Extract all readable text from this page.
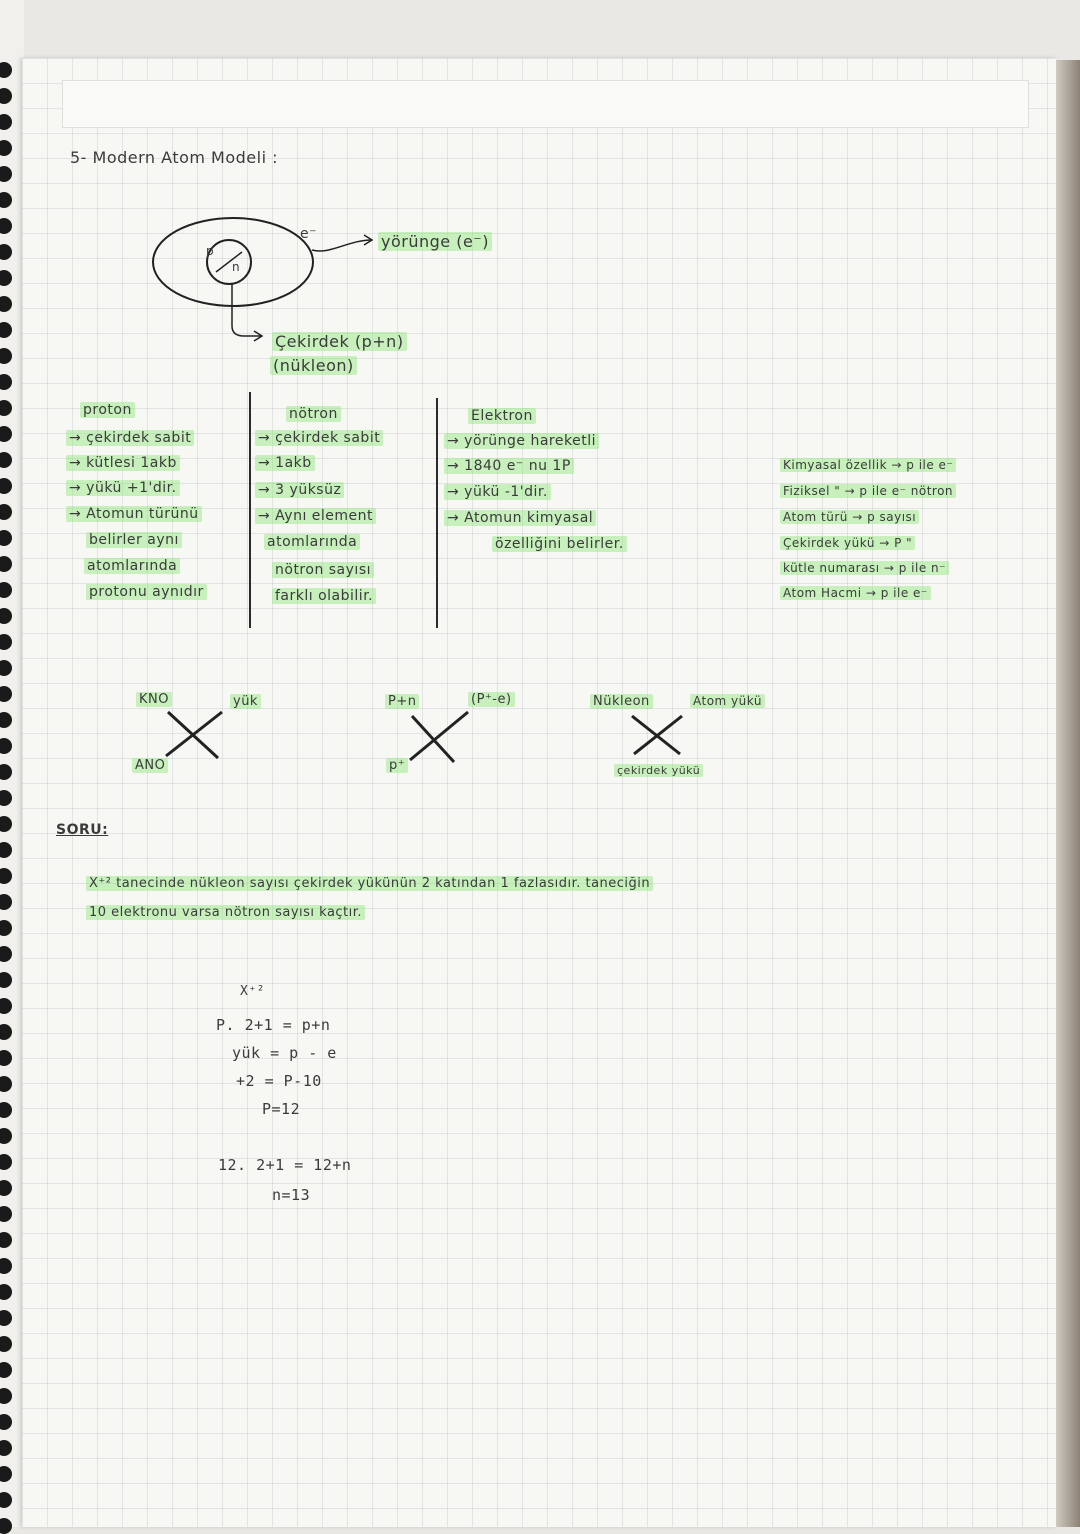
5- Modern Atom Modeli :
p
n
e⁻	yörünge (e⁻)
Çekirdek (p+n)
(nükleon)
proton
→ çekirdek sabit
→ kütlesi 1akb
→ yükü +1'dir.
→ Atomun türünü
belirler aynı
atomlarında
protonu aynıdır
nötron
→ çekirdek sabit
→ 1akb
→ 3 yüksüz
→ Aynı element
atomlarında
nötron sayısı
farklı olabilir.
Elektron
→ yörünge hareketli
→ 1840 e⁻ nu 1P
→ yükü -1'dir.
→ Atomun kimyasal
özelliğini belirler.
Kimyasal özellik → p ile e⁻
Fiziksel " → p ile e⁻ nötron
Atom türü → p sayısı
Çekirdek yükü → P "
kütle numarası → p ile n⁻
Atom Hacmi → p ile e⁻
KNO	yük
ANO
P+n	(P⁺-e)
p⁺
Nükleon	Atom yükü
çekirdek yükü
SORU:
X⁺² tanecinde nükleon sayısı çekirdek yükünün 2 katından 1 fazlasıdır. taneciğin
10 elektronu varsa nötron sayısı kaçtır.
X⁺²
P. 2+1 = p+n
yük = p - e
+2 = P-10
P=12
12. 2+1 = 12+n
n=13
